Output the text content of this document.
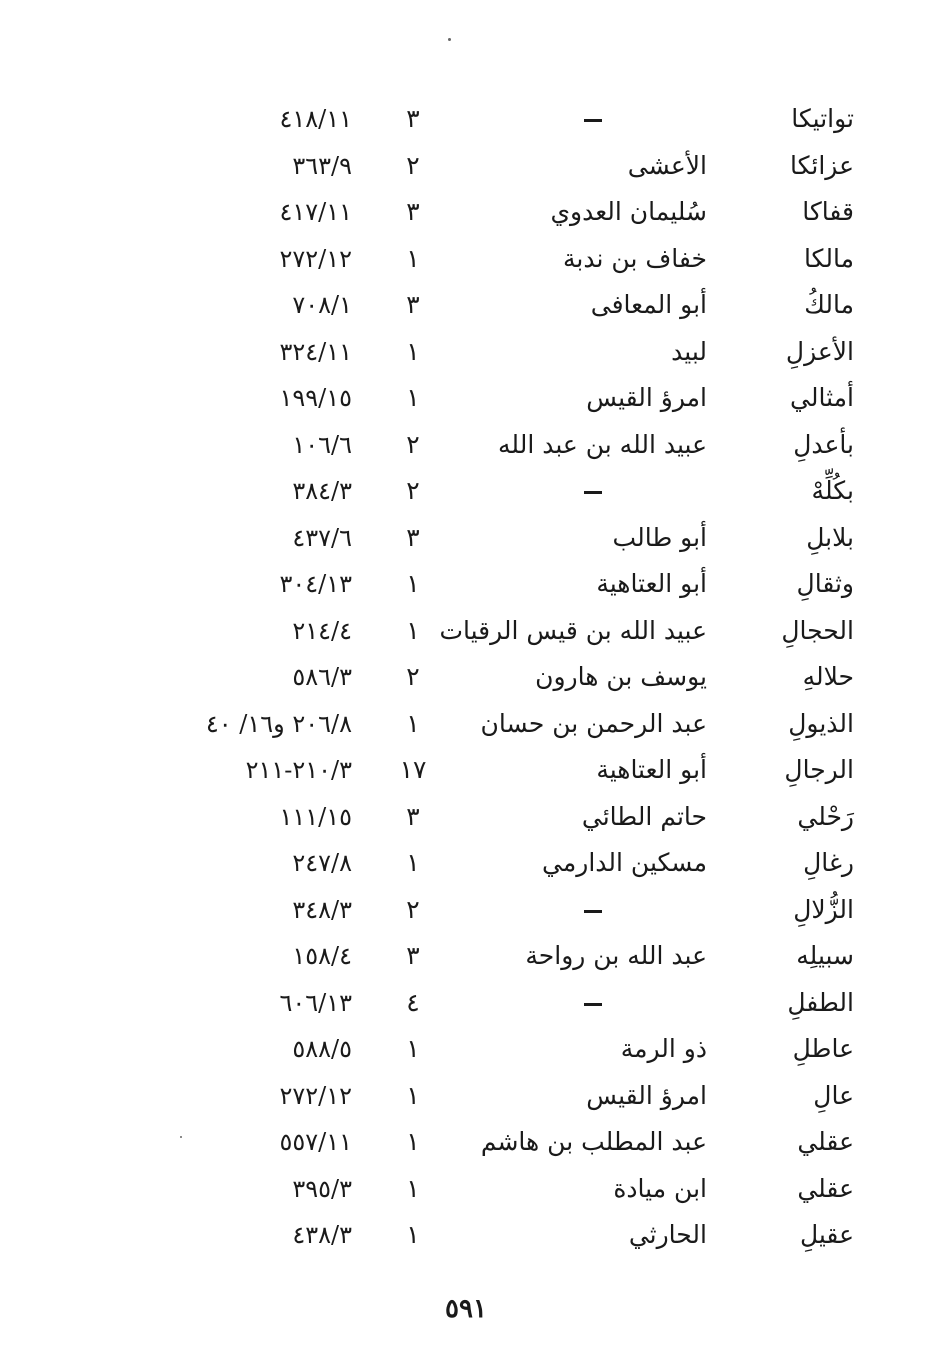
تواتيكا
٣
٤١٨/١١
عزائكا
الأعشى
٢
٣٦٣/٩
قفاكا
سُليمان العدوي
٣
٤١٧/١١
مالكا
خفاف بن ندبة
١
٢٧٢/١٢
مالكُ
أبو المعافى
٣
٧٠٨/١
الأعزلِ
لبيد
١
٣٢٤/١١
أمثالي
امرؤ القيس
١
١٩٩/١٥
بأعدلِ
عبيد الله بن عبد الله
٢
١٠٦/٦
بكُلِّهْ
٢
٣٨٤/٣
بلابلِ
أبو طالب
٣
٤٣٧/٦
وثقالِ
أبو العتاهية
١
٣٠٤/١٣
الحجالِ
عبيد الله بن قيس الرقيات
١
٢١٤/٤
حلالهِ
يوسف بن هارون
٢
٥٨٦/٣
الذيولِ
عبد الرحمن بن حسان
١
٢٠٦/٨ و١٦/ ٤٠
الرجالِ
أبو العتاهية
١٧
٢١٠/٣-٢١١
رَحْلي
حاتم الطائي
٣
١١١/١٥
رغالِ
مسكين الدارمي
١
٢٤٧/٨
الزُّلالِ
٢
٣٤٨/٣
سبيلِه
عبد الله بن رواحة
٣
١٥٨/٤
الطفلِ
٤
٦٠٦/١٣
عاطلِ
ذو الرمة
١
٥٨٨/٥
عالِ
امرؤ القيس
١
٢٧٢/١٢
عقلي
عبد المطلب بن هاشم
١
٥٥٧/١١
عقلي
ابن ميادة
١
٣٩٥/٣
عقيلِ
الحارثي
١
٤٣٨/٣
٥٩١
